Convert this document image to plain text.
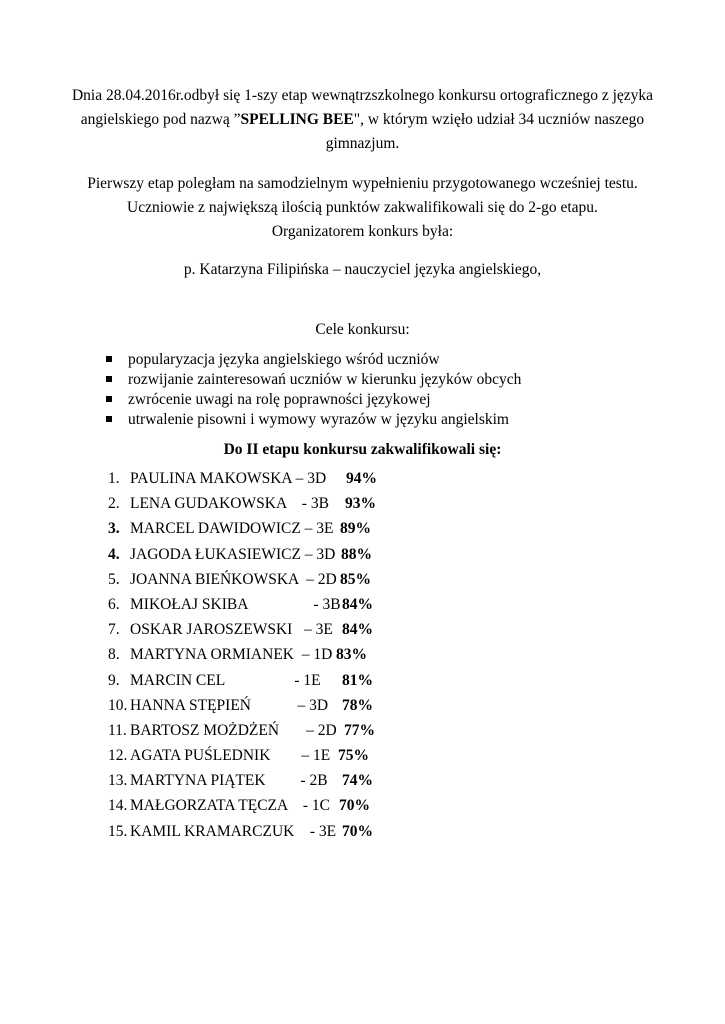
Dnia 28.04.2016r.odbył się 1-szy etap wewnątrzszkolnego konkursu ortograficznego z języka
angielskiego pod nazwą ”SPELLING BEE", w którym wzięło udział 34 uczniów naszego
gimnazjum.
Pierwszy etap poległam na samodzielnym wypełnieniu przygotowanego wcześniej testu.
Uczniowie z największą ilością punktów zakwalifikowali się do 2-go etapu.
Organizatorem konkurs była:
p. Katarzyna Filipińska – nauczyciel języka angielskiego,
Cele konkursu:
popularyzacja języka angielskiego wśród uczniów
rozwijanie zainteresowań uczniów w kierunku języków obcych
zwrócenie uwagi na rolę poprawności językowej
utrwalenie pisowni i wymowy wyrazów w języku angielskim
Do II etapu konkursu zakwalifikowali się:
1. PAULINA MAKOWSKA – 3D 94%
2. LENA GUDAKOWSKA    - 3B 93%
3. MARCEL DAWIDOWICZ – 3E 89%
4. JAGODA ŁUKASIEWICZ – 3D 88%
5. JOANNA BIEŃKOWSKA  – 2D 85%
6. MIKOŁAJ SKIBA                 - 3B 84%
7. OSKAR JAROSZEWSKI   – 3E 84%
8. MARTYNA ORMIANEK  – 1D 83%
9. MARCIN CEL                  - 1E 81%
10. HANNA STĘPIEŃ            – 3D 78%
11. BARTOSZ MOŻDŻEŃ       – 2D 77%
12. AGATA PUŚLEDNIK        – 1E 75%
13. MARTYNA PIĄTEK         - 2B 74%
14. MAŁGORZATA TĘCZA    - 1C 70%
15. KAMIL KRAMARCZUK    - 3E 70%
